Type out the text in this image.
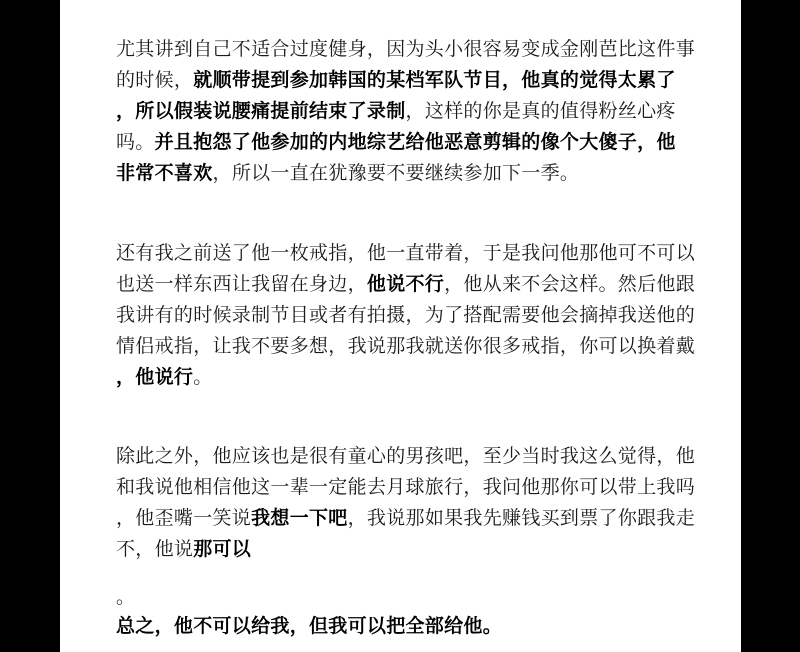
尤其讲到自己不适合过度健身，因为头小很容易变成金刚芭比这件事
的时候，就顺带提到参加韩国的某档军队节目，他真的觉得太累了
，所以假装说腰痛提前结束了录制，这样的你是真的值得粉丝心疼
吗。并且抱怨了他参加的内地综艺给他恶意剪辑的像个大傻子，他
非常不喜欢，所以一直在犹豫要不要继续参加下一季。
还有我之前送了他一枚戒指，他一直带着，于是我问他那他可不可以
也送一样东西让我留在身边，他说不行，他从来不会这样。然后他跟
我讲有的时候录制节目或者有拍摄，为了搭配需要他会摘掉我送他的
情侣戒指，让我不要多想，我说那我就送你很多戒指，你可以换着戴
，他说行。
除此之外，他应该也是很有童心的男孩吧，至少当时我这么觉得，他
和我说他相信他这一辈一定能去月球旅行，我问他那你可以带上我吗
，他歪嘴一笑说我想一下吧，我说那如果我先赚钱买到票了你跟我走
不，他说那可以
。
总之，他不可以给我，但我可以把全部给他。
